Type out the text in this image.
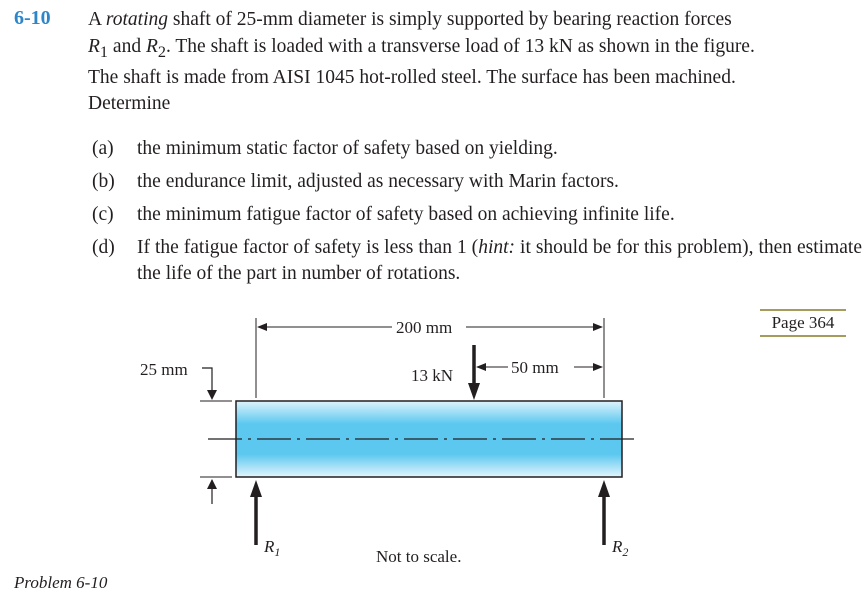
6-10 A rotating shaft of 25-mm diameter is simply supported by bearing reaction forces

$R_1$ and $R_2$. The shaft is loaded with a transverse load of 13 kN as shown in the figure.

The shaft is made from AISI 1045 hot-rolled steel. The surface has been machined.

Determine

(a)	the minimum static factor of safety based on yielding.
(b)	the endurance limit, adjusted as necessary with Marin factors.
(c)	the minimum fatigue factor of safety based on achieving infinite life.
(d)	If the fatigue factor of safety is less than 1 (hint: it should be for this problem), then estimate the life of the part in number of rotations.
Page 364
25 mm
200 mm
13 kN	50 mm
$R_1$	$R_2$
Not to scale.
Problem 6-10
